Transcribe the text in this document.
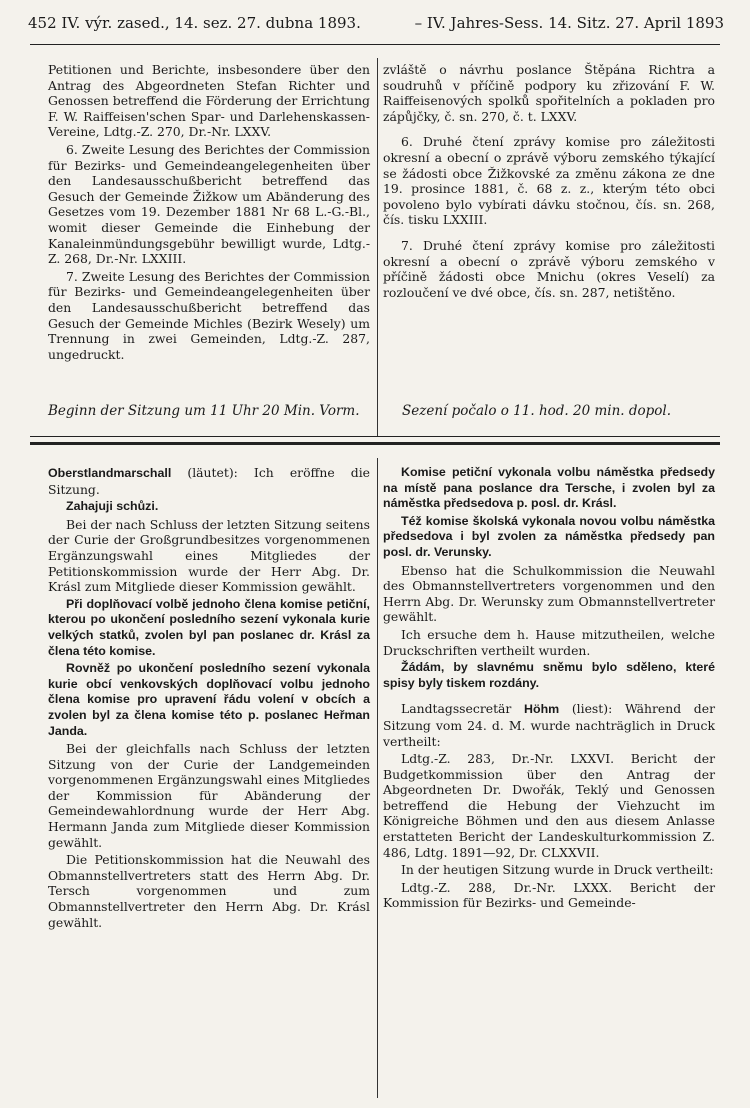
452 IV. výr. zased., 14. sez. 27. dubna 1893.	– IV. Jahres-Sess. 14. Sitz. 27. April 1893

Petitionen und Berichte, insbesondere über den Antrag des Abgeordneten Stefan Richter und Genossen betreffend die Förderung der Errichtung F. W. Raiffeisen'schen Spar- und Darlehenskassen-Vereine, Ldtg.-Z. 270, Dr.-Nr. LXXV.

6. Zweite Lesung des Berichtes der Commission für Bezirks- und Gemeindeangelegenheiten über den Landesausschußbericht betreffend das Gesuch der Gemeinde Žižkow um Abänderung des Gesetzes vom 19. Dezember 1881 Nr 68 L.-G.-Bl., womit dieser Gemeinde die Einhebung der Kanaleinmündungsgebühr bewilligt wurde, Ldtg.-Z. 268, Dr.-Nr. LXXIII.

7. Zweite Lesung des Berichtes der Commission für Bezirks- und Gemeindeangelegenheiten über den Landesausschußbericht betreffend das Gesuch der Gemeinde Michles (Bezirk Wesely) um Trennung in zwei Gemeinden, Ldtg.-Z. 287, ungedruckt.

zvláště o návrhu poslance Štěpána Richtra a soudruhů v příčině podpory ku zřizování F. W. Raiffeisenových spolků spořitelních a pokladen pro zápůjčky, č. sn. 270, č. t. LXXV.

6. Druhé čtení zprávy komise pro záležitosti okresní a obecní o zprávě výboru zemského týkající se žádosti obce Žižkovské za změnu zákona ze dne 19. prosince 1881, č. 68 z. z., kterým této obci povoleno bylo vybírati dávku stočnou, čís. sn. 268, čís. tisku LXXIII.

7. Druhé čtení zprávy komise pro záležitosti okresní a obecní o zprávě výboru zemského v příčině žádosti obce Mnichu (okres Veselí) za rozloučení ve dvé obce, čís. sn. 287, netištěno.

Beginn der Sitzung um 11 Uhr 20 Min. Vorm.	Sezení počalo o 11. hod. 20 min. dopol.

Oberstlandmarschall (läutet): Ich eröffne die Sitzung.

Zahajuji schůzi.

Bei der nach Schluss der letzten Sitzung seitens der Curie der Großgrundbesitzes vorgenommenen Ergänzungswahl eines Mitgliedes der Petitionskommission wurde der Herr Abg. Dr. Krásl zum Mitgliede dieser Kommission gewählt.

Při doplňovací volbě jednoho člena komise petiční, kterou po ukončení posledního sezení vykonala kurie velkých statků, zvolen byl pan poslanec dr. Krásl za člena této komise.

Rovněž po ukončení posledního sezení vykonala kurie obcí venkovských doplňovací volbu jednoho člena komise pro upravení řádu volení v obcích a zvolen byl za člena komise této p. poslanec Heřman Janda.

Bei der gleichfalls nach Schluss der letzten Sitzung von der Curie der Landgemeinden vorgenommenen Ergänzungswahl eines Mitgliedes der Kommission für Abänderung der Gemeindewahlordnung wurde der Herr Abg. Hermann Janda zum Mitgliede dieser Kommission gewählt.

Die Petitionskommission hat die Neuwahl des Obmannstellvertreters statt des Herrn Abg. Dr. Tersch vorgenommen und zum Obmannstellvertreter den Herrn Abg. Dr. Krásl gewählt.

Komise petiční vykonala volbu náměstka předsedy na místě pana poslance dra Tersche, i zvolen byl za náměstka předsedova p. posl. dr. Krásl.

Též komise školská vykonala novou volbu náměstka předsedova i byl zvolen za náměstka předsedy pan posl. dr. Verunsky.

Ebenso hat die Schulkommission die Neuwahl des Obmannstellvertreters vorgenommen und den Herrn Abg. Dr. Werunsky zum Obmannstellvertreter gewählt.

Ich ersuche dem h. Hause mitzutheilen, welche Druckschriften vertheilt wurden.

Žádám, by slavnému sněmu bylo sděleno, které spisy byly tiskem rozdány.

Landtagssecretär Höhm (liest): Während der Sitzung vom 24. d. M. wurde nachträglich in Druck vertheilt:

Ldtg.-Z. 283, Dr.-Nr. LXXVI. Bericht der Budgetkommission über den Antrag der Abgeordneten Dr. Dwořák, Teklý und Genossen betreffend die Hebung der Viehzucht im Königreiche Böhmen und den aus diesem Anlasse erstatteten Bericht der Landeskulturkommission Z. 486, Ldtg. 1891—92, Dr. CLXXVII.

In der heutigen Sitzung wurde in Druck vertheilt:

Ldtg.-Z. 288, Dr.-Nr. LXXX. Bericht der Kommission für Bezirks- und Gemeinde-
